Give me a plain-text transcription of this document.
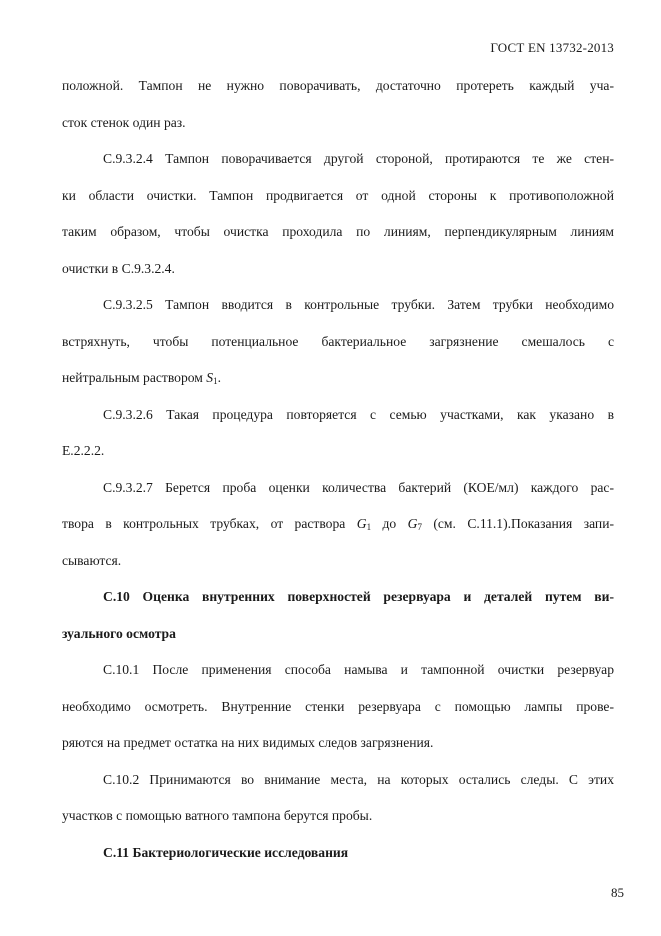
ГОСТ EN 13732-2013
положной. Тампон не нужно поворачивать, достаточно протереть каждый уча-
сток стенок один раз.
С.9.3.2.4 Тампон поворачивается другой стороной, протираются те же стен-
ки области очистки. Тампон продвигается от одной стороны к противоположной
таким образом, чтобы очистка проходила по линиям, перпендикулярным линиям
очистки в С.9.3.2.4.
С.9.3.2.5 Тампон вводится в контрольные трубки. Затем трубки необходимо
встряхнуть, чтобы потенциальное бактериальное загрязнение смешалось с
нейтральным раствором $S_1$.
С.9.3.2.6 Такая процедура повторяется с семью участками, как указано в
Е.2.2.2.
С.9.3.2.7 Берется проба оценки количества бактерий (КОЕ/мл) каждого рас-
твора в контрольных трубках, от раствора $G_1$ до $G_7$ (см. С.11.1).Показания запи-
сываются.
С.10 Оценка внутренних поверхностей резервуара и деталей путем ви-
зуального осмотра
С.10.1 После применения способа намыва и тампонной очистки резервуар
необходимо осмотреть. Внутренние стенки резервуара с помощью лампы прове-
ряются на предмет остатка на них видимых следов загрязнения.
С.10.2 Принимаются во внимание места, на которых остались следы. С этих
участков с помощью ватного тампона берутся пробы.
С.11 Бактериологические исследования
85
